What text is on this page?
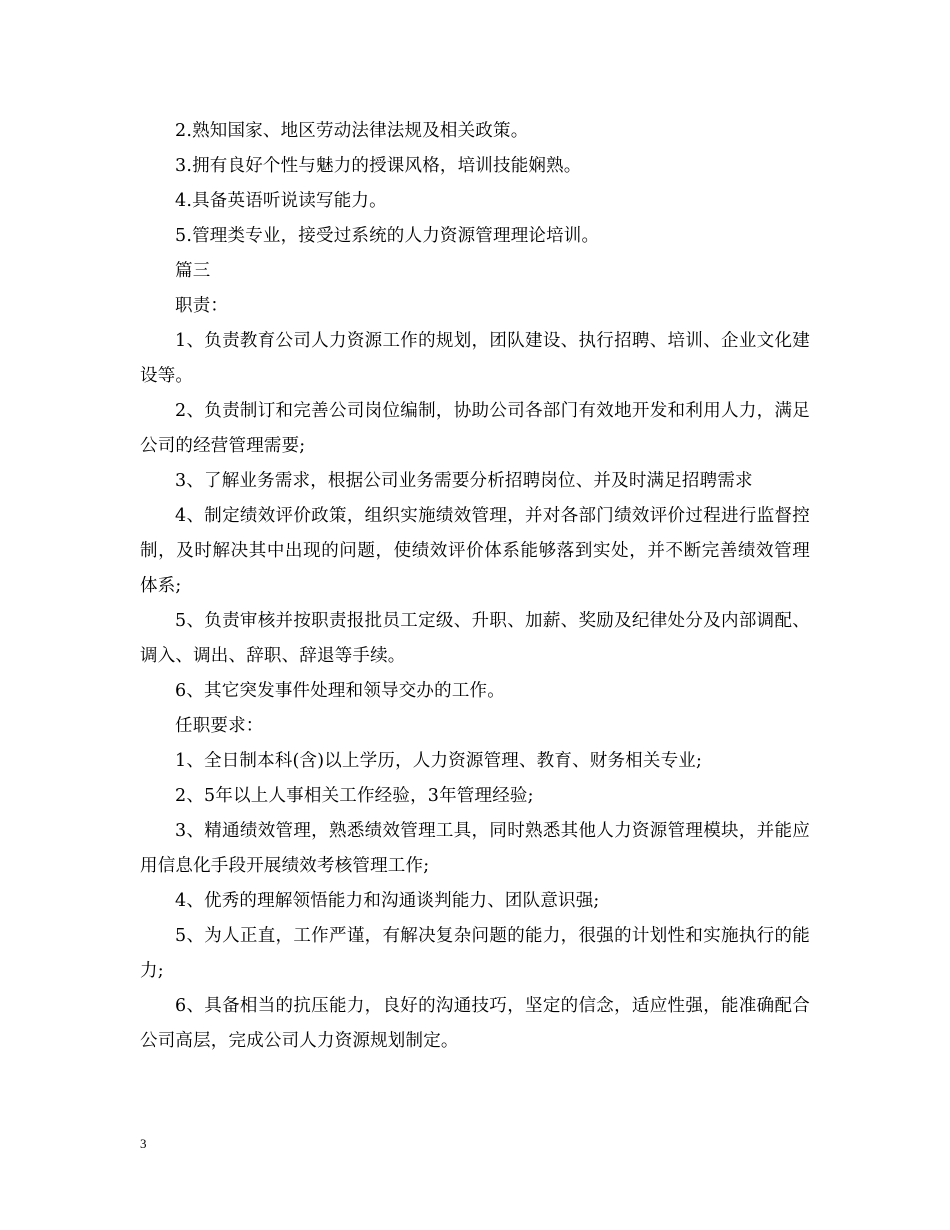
2.熟知国家、地区劳动法律法规及相关政策。

3.拥有良好个性与魅力的授课风格，培训技能娴熟。

4.具备英语听说读写能力。

5.管理类专业，接受过系统的人力资源管理理论培训。

篇三

职责：

1、负责教育公司人力资源工作的规划，团队建设、执行招聘、培训、企业文化建设等。

2、负责制订和完善公司岗位编制，协助公司各部门有效地开发和利用人力，满足公司的经营管理需要;

3、了解业务需求，根据公司业务需要分析招聘岗位、并及时满足招聘需求

4、制定绩效评价政策，组织实施绩效管理，并对各部门绩效评价过程进行监督控制，及时解决其中出现的问题，使绩效评价体系能够落到实处，并不断完善绩效管理体系;

5、负责审核并按职责报批员工定级、升职、加薪、奖励及纪律处分及内部调配、调入、调出、辞职、辞退等手续。

6、其它突发事件处理和领导交办的工作。

任职要求：

1、全日制本科(含)以上学历，人力资源管理、教育、财务相关专业;

2、5年以上人事相关工作经验，3年管理经验;

3、精通绩效管理，熟悉绩效管理工具，同时熟悉其他人力资源管理模块，并能应用信息化手段开展绩效考核管理工作;

4、优秀的理解领悟能力和沟通谈判能力、团队意识强;

5、为人正直，工作严谨，有解决复杂问题的能力，很强的计划性和实施执行的能力;

6、具备相当的抗压能力，良好的沟通技巧，坚定的信念，适应性强，能准确配合公司高层，完成公司人力资源规划制定。

3
